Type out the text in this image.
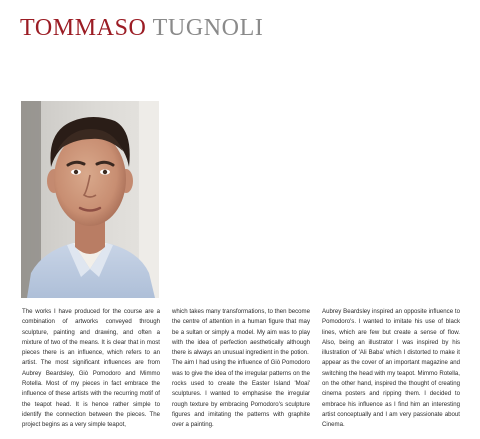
TOMMASO TUGNOLI

The works I have produced for the course are a combination of artworks conveyed through sculpture, painting and drawing, and often a mixture of two of the means. It is clear that in most pieces there is an influence, which refers to an artist. The most significant influences are from Aubrey Beardsley, Giò Pomodoro and Mimmo Rotella. Most of my pieces in fact embrace the influence of these artists with the recurring motif of the teapot head. It is hence rather simple to identify the connection between the pieces. The project begins as a very simple teapot,

which takes many transformations, to then become the centre of attention in a human figure that may be a sultan or simply a model. My aim was to play with the idea of perfection aesthetically although there is always an unusual ingredient in the potion.

The aim I had using the influence of Giò Pomodoro was to give the idea of the irregular patterns on the rocks used to create the Easter Island 'Moai' sculptures. I wanted to emphasise the irregular rough texture by embracing Pomodoro's sculpture figures and imitating the patterns with graphite over a painting.

Aubrey Beardsley inspired an opposite influence to Pomodoro's. I wanted to imitate his use of black lines, which are few but create a sense of flow. Also, being an illustrator I was inspired by his illustration of 'Ali Baba' which I distorted to make it appear as the cover of an important magazine and switching the head with my teapot. Mimmo Rotella, on the other hand, inspired the thought of creating cinema posters and ripping them. I decided to embrace his influence as I find him an interesting artist conceptually and I am very passionate about Cinema.
